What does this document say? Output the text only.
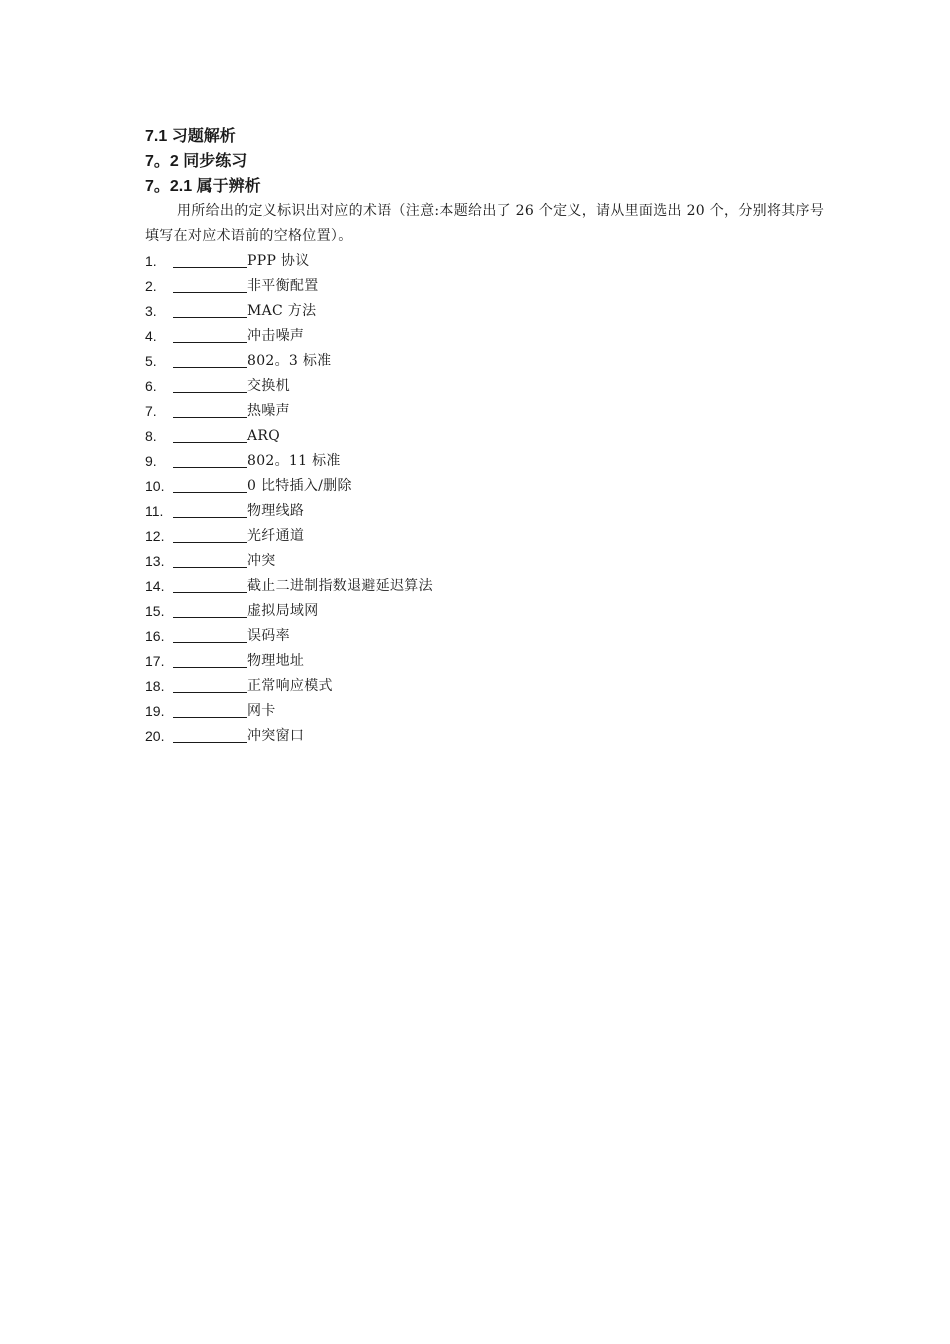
7.1 习题解析
7。2 同步练习
7。2.1 属于辨析

用所给出的定义标识出对应的术语（注意:本题给出了 26 个定义，请从里面选出 20 个，分别将其序号填写在对应术语前的空格位置）。

1.	PPP 协议
2.	非平衡配置
3.	MAC 方法
4.	冲击噪声
5.	802。3 标准
6.	交换机
7.	热噪声
8.	ARQ
9.	802。11 标准
10.	0 比特插入/删除
11.	物理线路
12.	光纤通道
13.	冲突
14.	截止二进制指数退避延迟算法
15.	虚拟局域网
16.	误码率
17.	物理地址
18.	正常响应模式
19.	网卡
20.	冲突窗口
